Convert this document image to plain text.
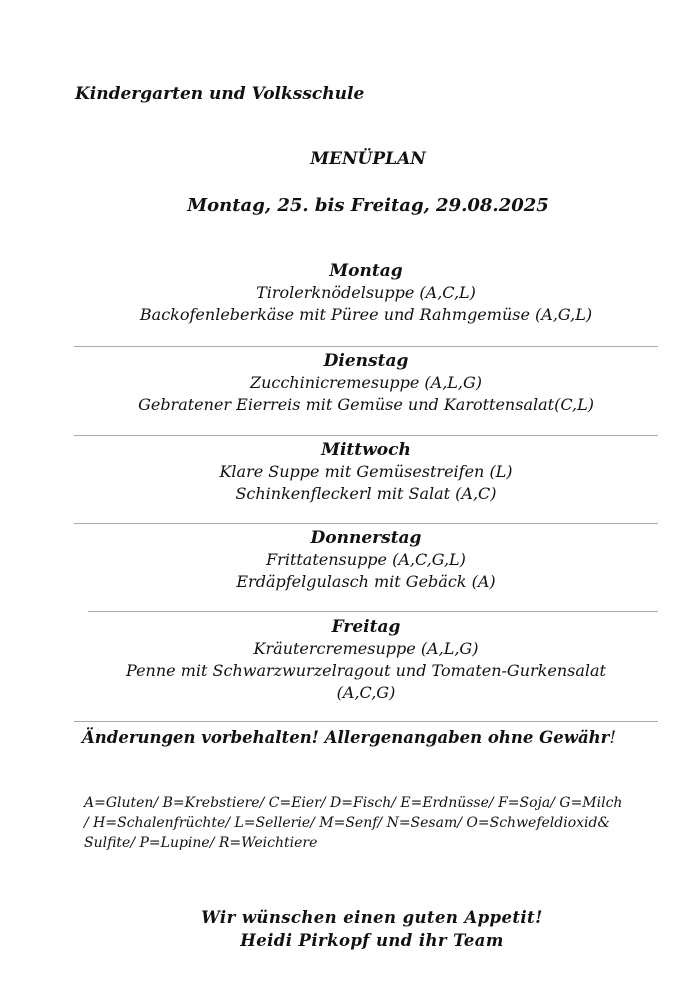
Kindergarten und Volksschule
MENÜPLAN
Montag, 25. bis Freitag, 29.08.2025
Montag
Tirolerknödelsuppe (A,C,L)
Backofenleberkäse mit Püree und Rahmgemüse (A,G,L)
Dienstag
Zucchinicremesuppe (A,L,G)
Gebratener Eierreis mit Gemüse und Karottensalat(C,L)
Mittwoch
Klare Suppe mit Gemüsestreifen (L)
Schinkenfleckerl mit Salat (A,C)
Donnerstag
Frittatensuppe (A,C,G,L)
Erdäpfelgulasch mit Gebäck (A)
Freitag
Kräutercremesuppe (A,L,G)
Penne mit Schwarzwurzelragout und Tomaten-Gurkensalat
(A,C,G)
Änderungen vorbehalten! Allergenangaben ohne Gewähr!
A=Gluten/ B=Krebstiere/ C=Eier/ D=Fisch/ E=Erdnüsse/ F=Soja/ G=Milch
/ H=Schalenfrüchte/ L=Sellerie/ M=Senf/ N=Sesam/ O=Schwefeldioxid&
Sulfite/ P=Lupine/ R=Weichtiere
Wir wünschen einen guten Appetit!
Heidi Pirkopf und ihr Team
